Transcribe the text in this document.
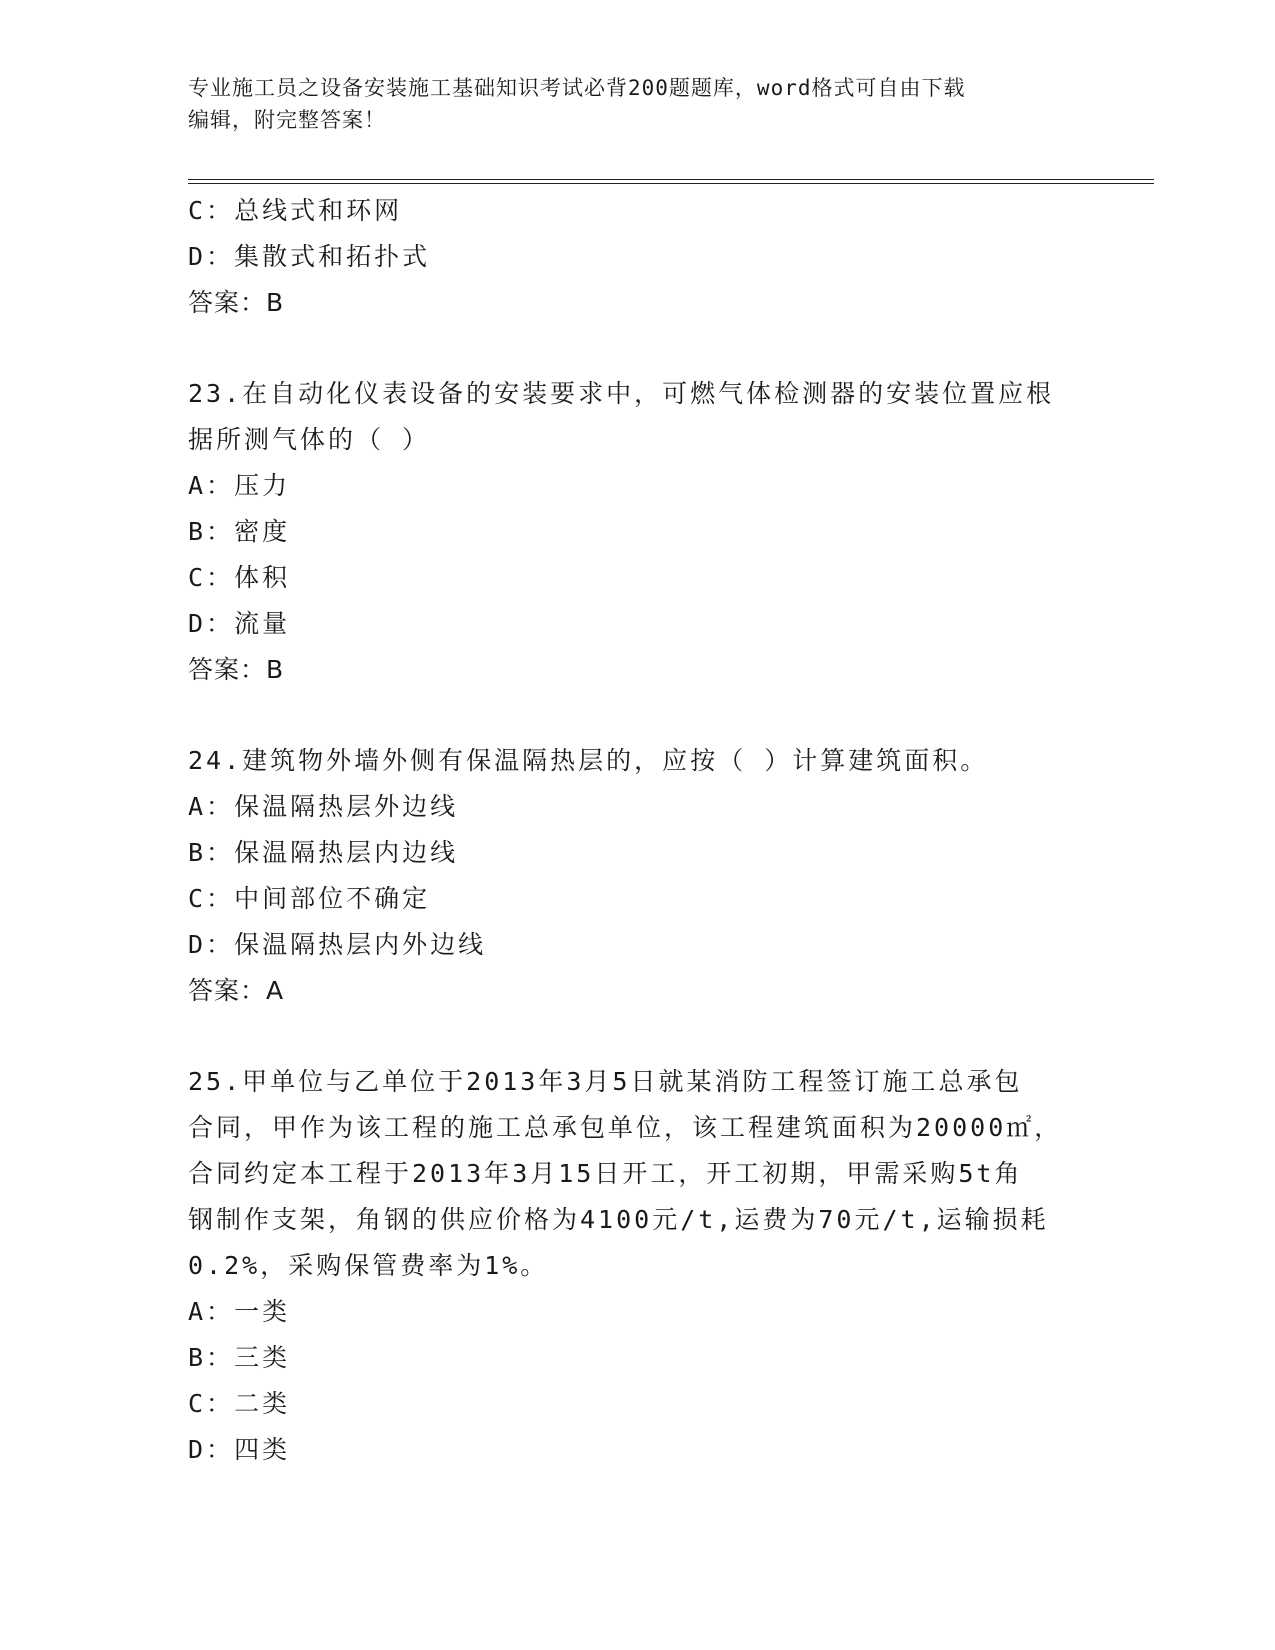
专业施工员之设备安装施工基础知识考试必背200题题库，word格式可自由下载
编辑，附完整答案！
C：总线式和环网
D：集散式和拓扑式
答案：B
23.在自动化仪表设备的安装要求中，可燃气体检测器的安装位置应根
据所测气体的（ ）
A：压力
B：密度
C：体积
D：流量
答案：B
24.建筑物外墙外侧有保温隔热层的，应按（ ）计算建筑面积。
A：保温隔热层外边线
B：保温隔热层内边线
C：中间部位不确定
D：保温隔热层内外边线
答案：A
25.甲单位与乙单位于2013年3月5日就某消防工程签订施工总承包
合同，甲作为该工程的施工总承包单位，该工程建筑面积为20000㎡，
合同约定本工程于2013年3月15日开工，开工初期，甲需采购5t角
钢制作支架，角钢的供应价格为4100元/t,运费为70元/t,运输损耗
0.2%，采购保管费率为1%。
A：一类
B：三类
C：二类
D：四类
